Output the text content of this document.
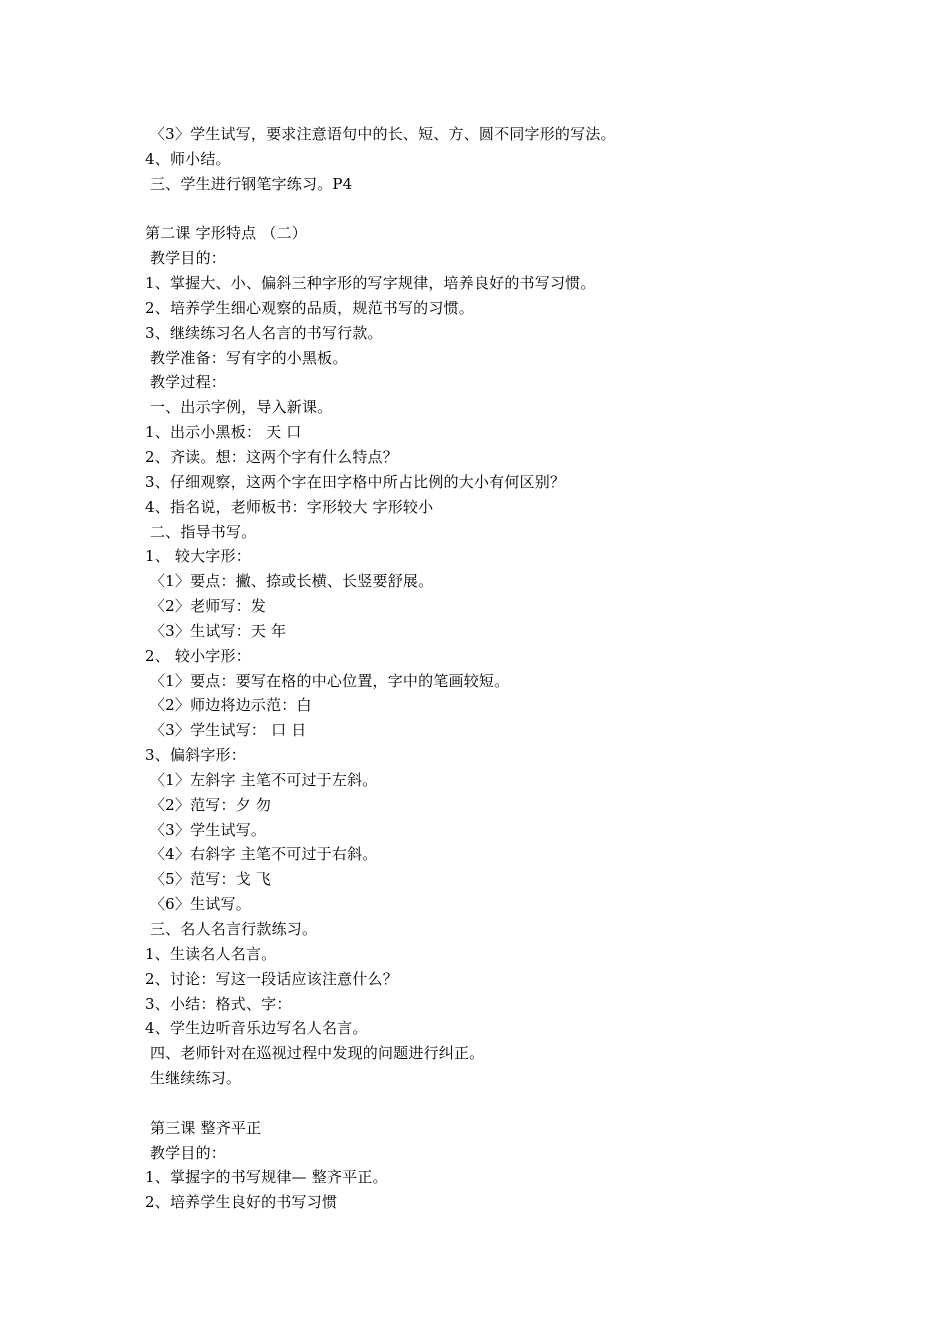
〈3〉学生试写，要求注意语句中的长、短、方、圆不同字形的写法。
4、师小结。
三、学生进行钢笔字练习。P4
第二课 字形特点 （二）
教学目的：
1、掌握大、小、偏斜三种字形的写字规律，培养良好的书写习惯。
2、培养学生细心观察的品质，规范书写的习惯。
3、继续练习名人名言的书写行款。
教学准备：写有字的小黑板。
教学过程：
一、出示字例，导入新课。
1、出示小黑板： 天 口
2、齐读。想：这两个字有什么特点？
3、仔细观察，这两个字在田字格中所占比例的大小有何区别？
4、指名说，老师板书：字形较大 字形较小
二、指导书写。
1、 较大字形：
〈1〉要点：撇、捺或长横、长竖要舒展。
〈2〉老师写：发
〈3〉生试写：天 年
2、 较小字形：
〈1〉要点：要写在格的中心位置，字中的笔画较短。
〈2〉师边将边示范：白
〈3〉学生试写： 口 日
3、偏斜字形：
〈1〉左斜字 主笔不可过于左斜。
〈2〉范写：夕 勿
〈3〉学生试写。
〈4〉右斜字 主笔不可过于右斜。
〈5〉范写：戈 飞
〈6〉生试写。
三、名人名言行款练习。
1、生读名人名言。
2、讨论：写这一段话应该注意什么？
3、小结：格式、字：
4、学生边听音乐边写名人名言。
四、老师针对在巡视过程中发现的问题进行纠正。
生继续练习。
第三课 整齐平正
教学目的：
1、掌握字的书写规律— 整齐平正。
2、培养学生良好的书写习惯
